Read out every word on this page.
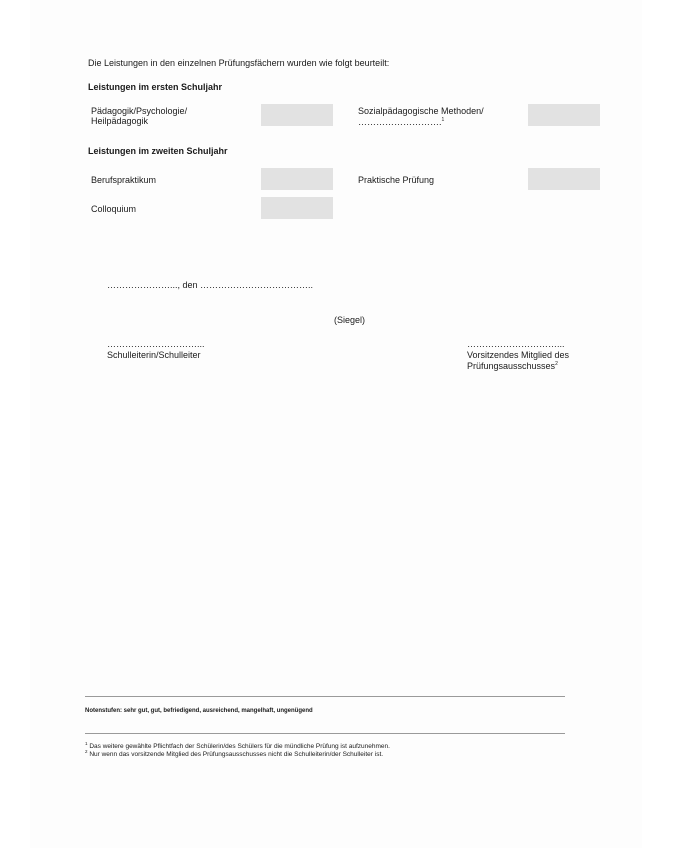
Die Leistungen in den einzelnen Prüfungsfächern wurden wie folgt beurteilt:
Leistungen im ersten Schuljahr
Pädagogik/Psychologie/
Heilpädagogik
Sozialpädagogische Methoden/
……………………….$^1$
Leistungen im zweiten Schuljahr
Berufspraktikum	Praktische Prüfung
Colloquium
…………………..., den ………………………………..
(Siegel)
…………………………...
Schulleiterin/Schulleiter
…………………………...
Vorsitzendes Mitglied des
Prüfungsausschusses$^2$
Notenstufen: sehr gut, gut, befriedigend, ausreichend, mangelhaft, ungenügend
$^1$ Das weitere gewählte Pflichtfach der Schülerin/des Schülers für die mündliche Prüfung ist aufzunehmen.
$^2$ Nur wenn das vorsitzende Mitglied des Prüfungsausschusses nicht die Schulleiterin/der Schulleiter ist.
